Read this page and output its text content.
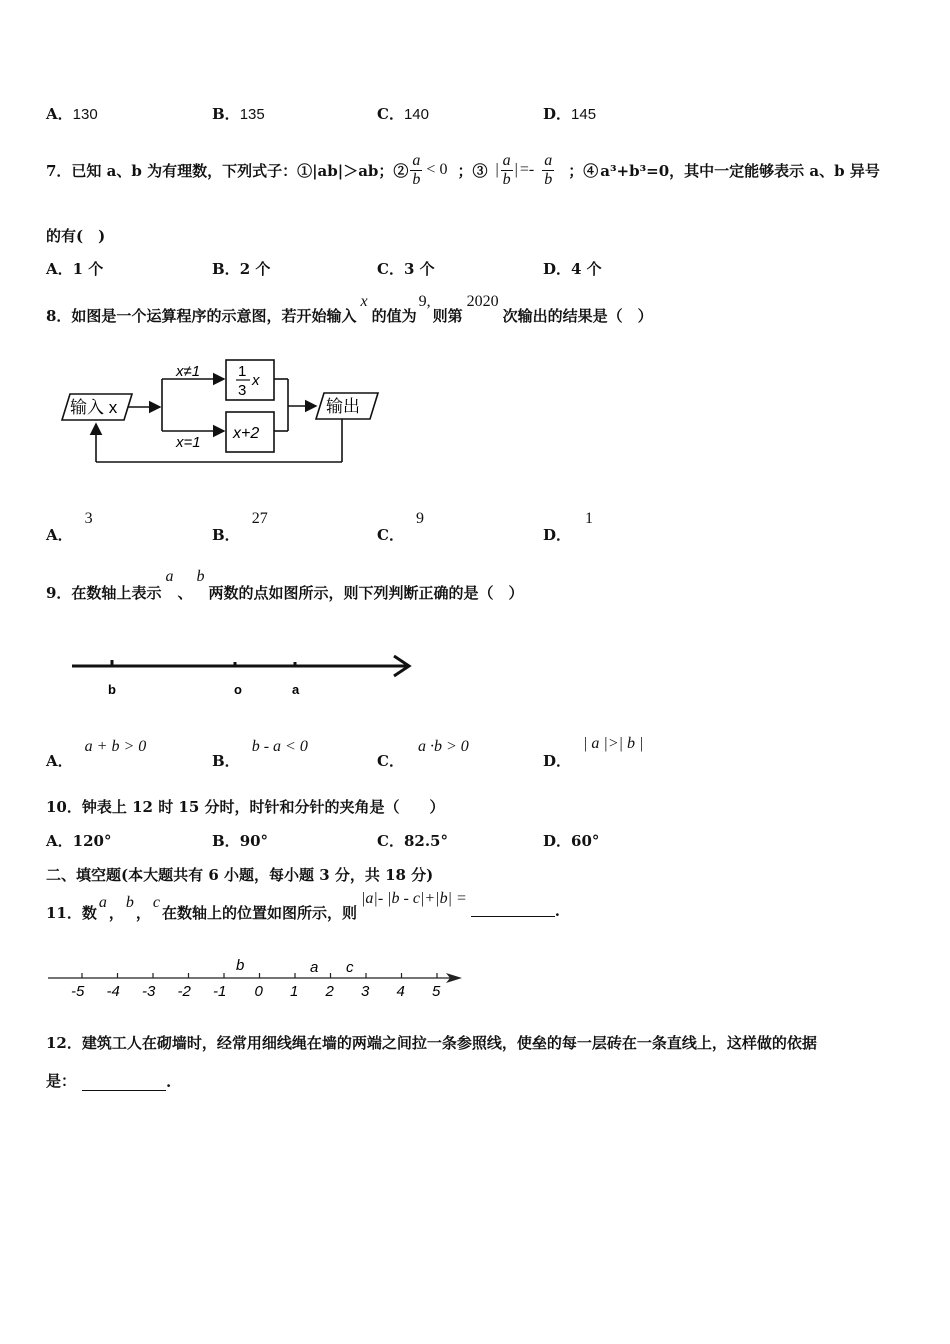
A．130	B．135	C．140	D．145
7．已知 a、b 为有理数，下列式子：①|ab|＞ab；② $\frac{a}{b} < 0$ ；③ | $\frac{a}{b}$ | =- $\frac{a}{b}$ ；④ a³+b³=0，其中一定能够表示 a、b 异号
的有(　)
A．1 个	B．2 个	C．3 个	D．4 个
8．如图是一个运算程序的示意图，若开始输入
x
的值为
9,
则第
2020
次输出的结果是（　）
输入 x
x≠1
x=1
1
3
x
x+2
输出
A．
3
B．
27
C．
9
D．
1
9．在数轴上表示
a
、
b
两数的点如图所示，则下列判断正确的是（　）
b	o	a
A．
a + b > 0
B．
b - a < 0
C．
a ·b > 0
D．
| a |>| b |
10．钟表上 12 时 15 分时，时针和分针的夹角是（　　）
A．120°	B．90°	C．82.5°	D．60°
二、填空题(本大题共有 6 小题，每小题 3 分，共 18 分)
11．数
a
，
b
，
c
在数轴上的位置如图所示，则
|a|- |b - c|+|b| =
.
-5 -4 -3 -2 -1 0 1 2 3 4 5
b	a c
12．建筑工人在砌墙时，经常用细线绳在墙的两端之间拉一条参照线，使垒的每一层砖在一条直线上，这样做的依据
是：	.
